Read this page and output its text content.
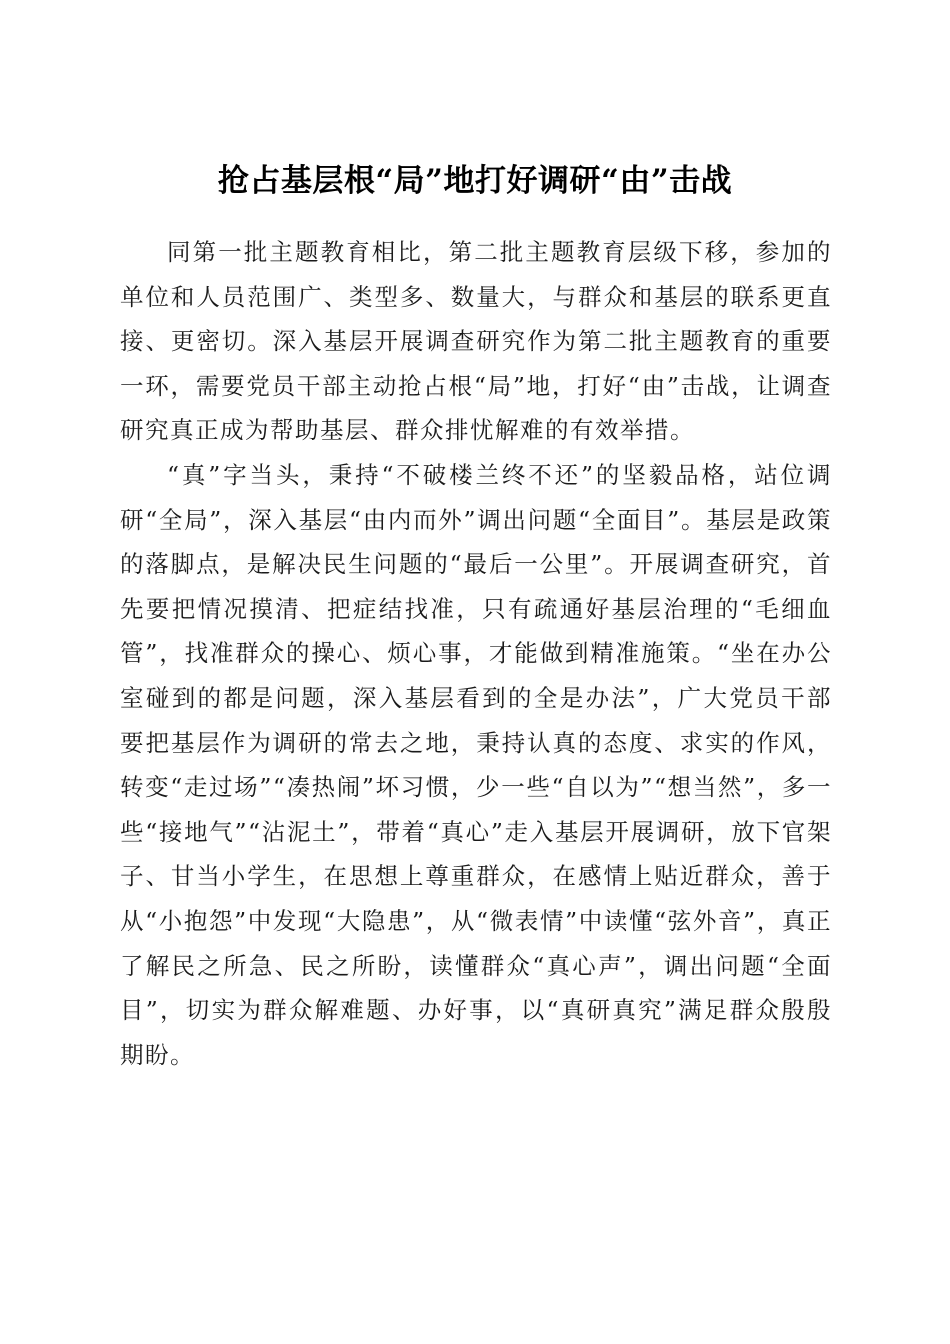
抢占基层根“局”地打好调研“由”击战

同第一批主题教育相比，第二批主题教育层级下移，参加的单位和人员范围广、类型多、数量大，与群众和基层的联系更直接、更密切。深入基层开展调查研究作为第二批主题教育的重要一环，需要党员干部主动抢占根“局”地，打好“由”击战，让调查研究真正成为帮助基层、群众排忧解难的有效举措。

“真”字当头，秉持“不破楼兰终不还”的坚毅品格，站位调研“全局”，深入基层“由内而外”调出问题“全面目”。基层是政策的落脚点，是解决民生问题的“最后一公里”。开展调查研究，首先要把情况摸清、把症结找准，只有疏通好基层治理的“毛细血管”，找准群众的操心、烦心事，才能做到精准施策。“坐在办公室碰到的都是问题，深入基层看到的全是办法”，广大党员干部要把基层作为调研的常去之地，秉持认真的态度、求实的作风，转变“走过场”“凑热闹”坏习惯，少一些“自以为”“想当然”，多一些“接地气”“沾泥土”，带着“真心”走入基层开展调研，放下官架子、甘当小学生，在思想上尊重群众，在感情上贴近群众，善于从“小抱怨”中发现“大隐患”，从“微表情”中读懂“弦外音”，真正了解民之所急、民之所盼，读懂群众“真心声”，调出问题“全面目”，切实为群众解难题、办好事，以“真研真究”满足群众殷殷期盼。
